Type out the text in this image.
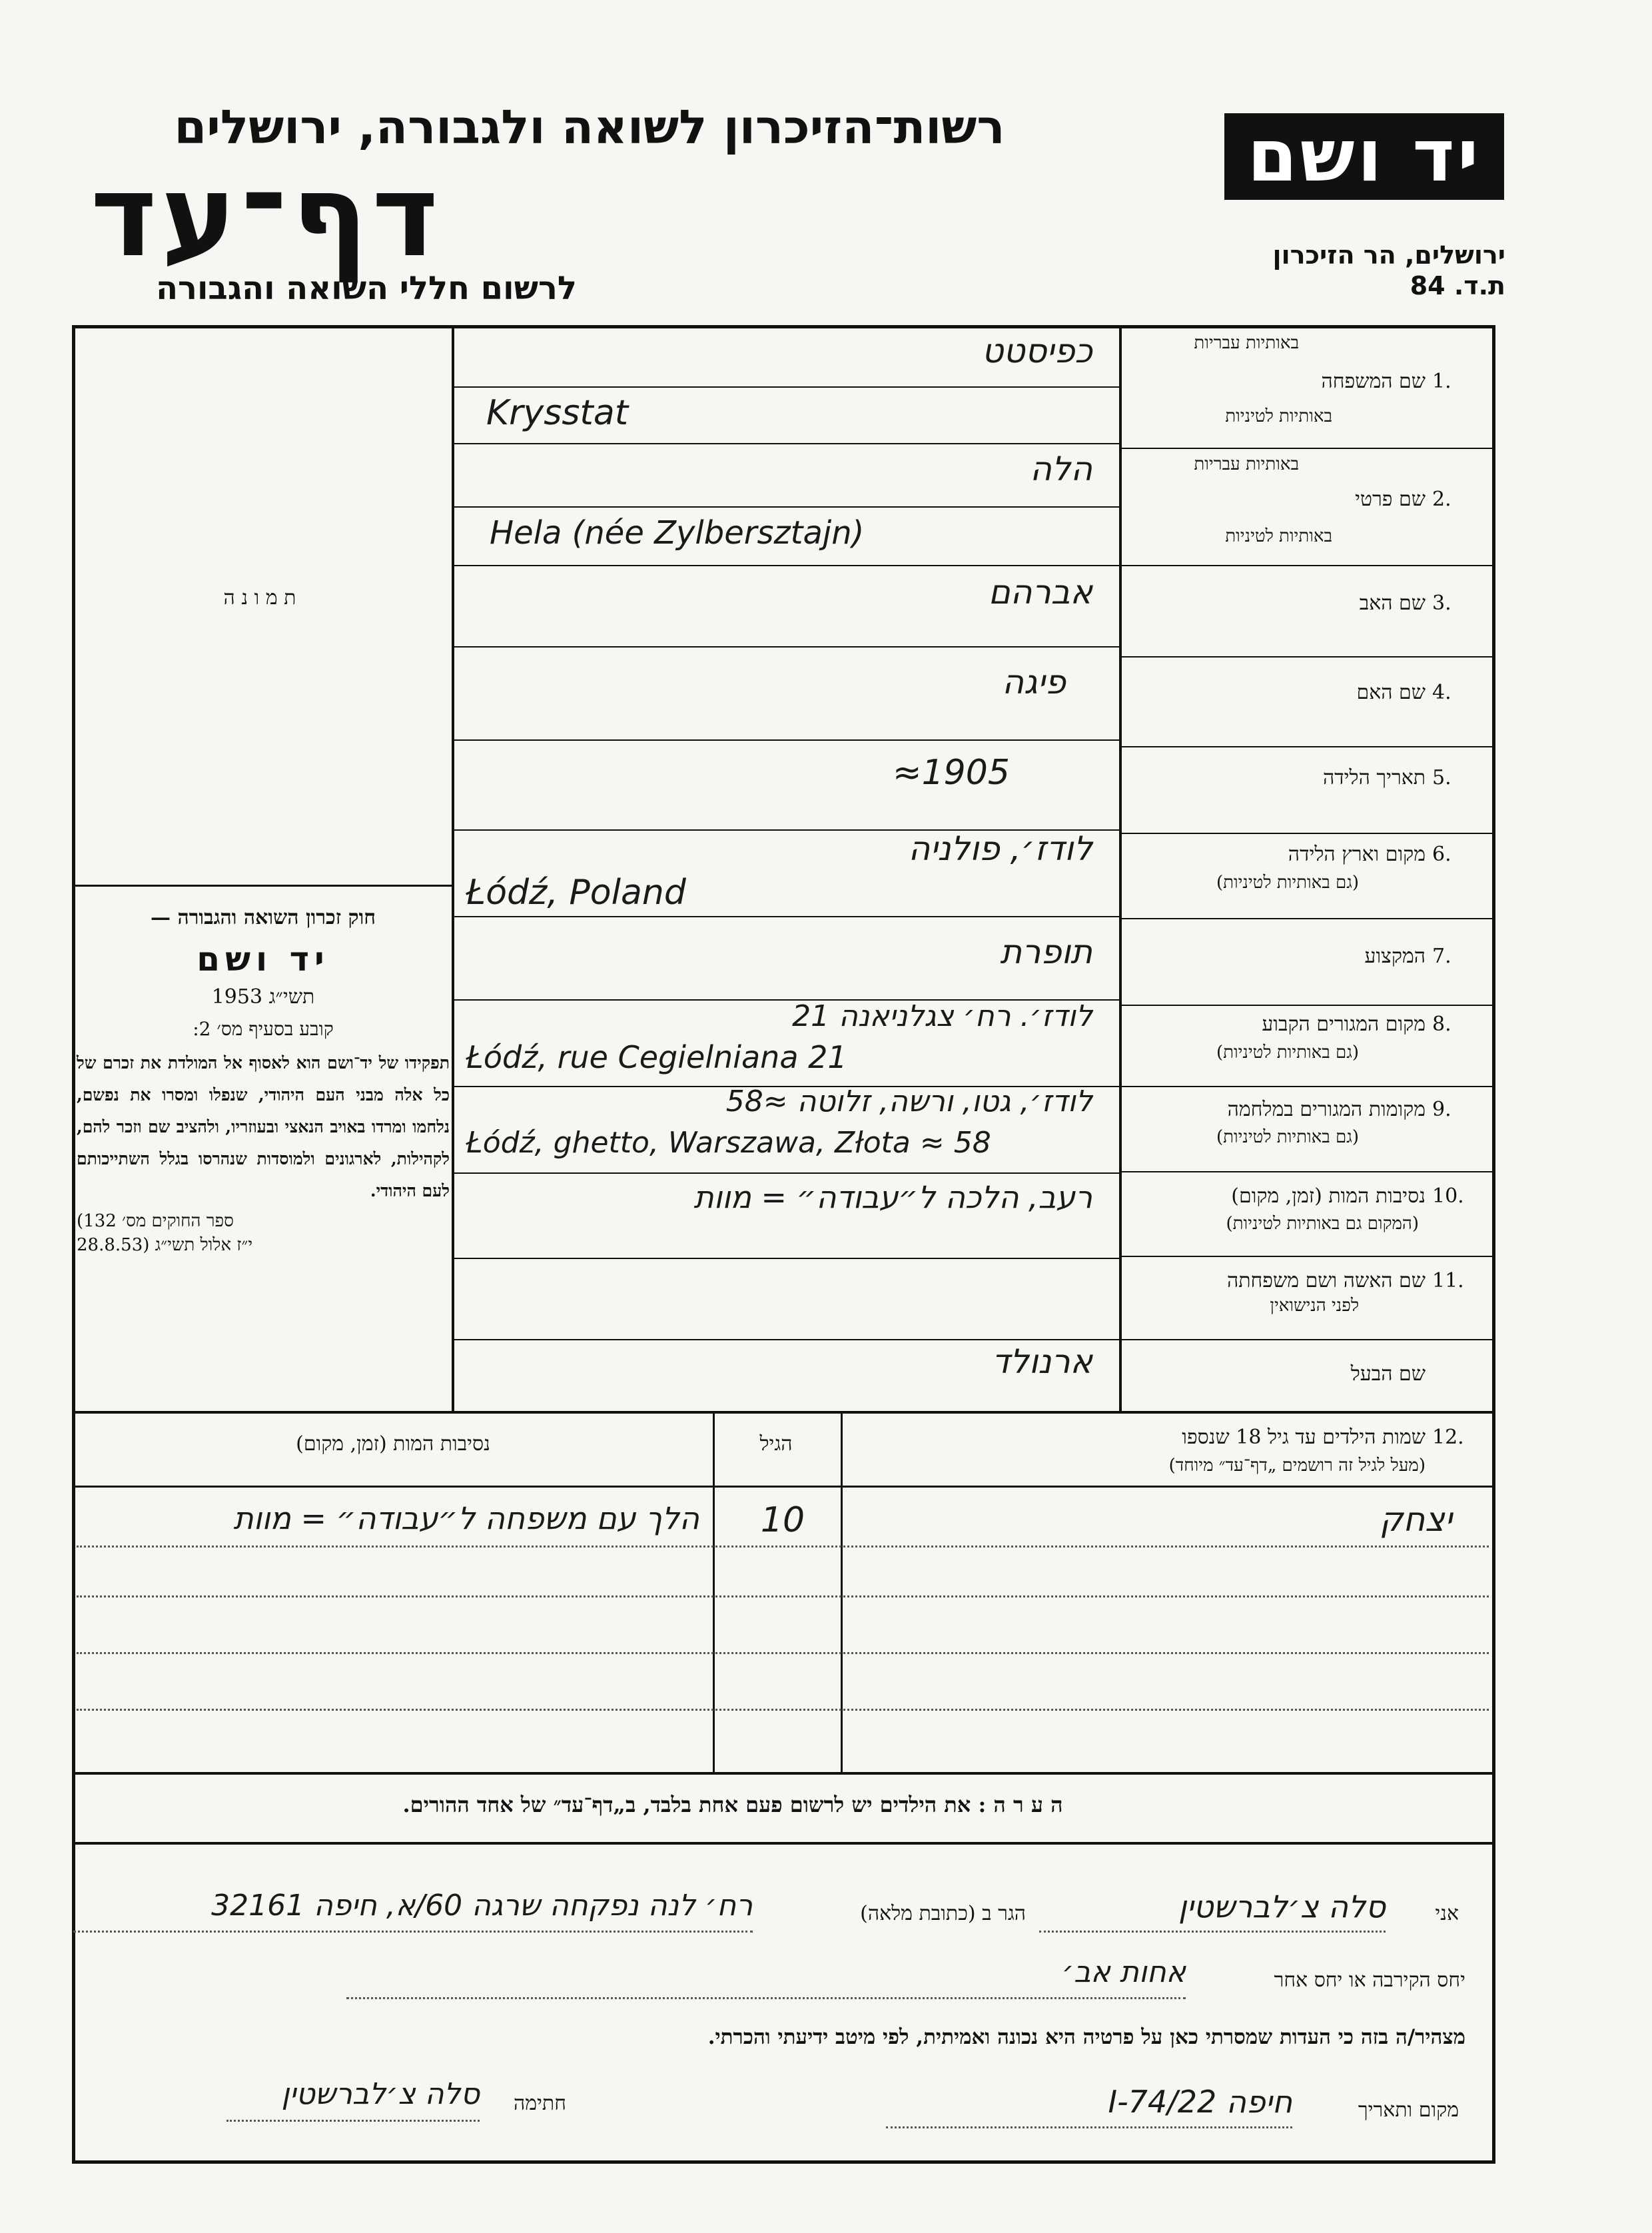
יד ושם
ירושלים, הר הזיכרון
ת.ד. 84
רשות־הזיכרון לשואה ולגבורה, ירושלים
דף־עד
לרשום חללי השואה והגבורה
ת מ ו נ ה
חוק זכרון השואה והגבורה —
יד ושם
תשי״ג 1953
קובע בסעיף מס׳ 2:
תפקידו של יד־ושם הוא לאסוף אל המולדת את זכרם של כל אלה מבני העם היהודי, שנפלו ומסרו את נפשם, נלחמו ומרדו באויב הנאצי ובעוזריו, ולהציב שם וזכר להם, לקהילות, לארגונים ולמוסדות שנהרסו בגלל השתייכותם לעם היהודי.
(ספר החוקים מס׳ 132
י״ז אלול תשי״ג (28.8.53
באותיות עבריות
שם המשפחה 1.
באותיות לטיניות
כפיסטט
Krysstat
באותיות עבריות
שם פרטי 2.
באותיות לטיניות
הלה
Hela (née Zylbersztajn)
שם האב 3.
אברהם
שם האם 4.
פיגה
תאריך הלידה 5.
≈1905
מקום וארץ הלידה 6.
(גם באותיות לטיניות)
לודז׳, פולניה
Łódź, Poland
המקצוע 7.
תופרת
מקום המגורים הקבוע 8.
(גם באותיות לטיניות)
לודז׳. רח׳ צגלניאנה 21
Łódź, rue Cegielniana 21
מקומות המגורים במלחמה 9.
(גם באותיות לטיניות)
לודז׳, גטו, ורשה, זלוטה ≈58
Łódź, ghetto, Warszawa, Złota ≈ 58
נסיבות המות (זמן, מקום) 10.
(המקום גם באותיות לטיניות)
רעב, הלכה ל״עבודה״ = מוות
שם האשה ושם משפחתה 11.
לפני הנישואין
שם הבעל
ארנולד
12.
שמות הילדים עד גיל 18 שנספו
(מעל לגיל זה רושמים „דף־עד״ מיוחד)
הגיל
נסיבות המות (זמן, מקום)
יצחק
10
הלך עם משפחה ל״עבודה״ = מוות
ה ע ר ה : את הילדים יש לרשום פעם אחת בלבד, ב„דף־עד״ של אחד ההורים.
אני
סלה צ׳לברשטין
הגר ב (כתובת מלאה)
רח׳ לנה נפקחה שרגה 60/א, חיפה 32161
יחס הקירבה או יחס אחר
אחות אב׳
מצהיר/ה בזה כי העדות שמסרתי כאן על פרטיה היא נכונה ואמיתית, לפי מיטב ידיעתי והכרתי.
מקום ותאריך
חיפה 22/I-74
חתימה
סלה צ׳לברשטין
